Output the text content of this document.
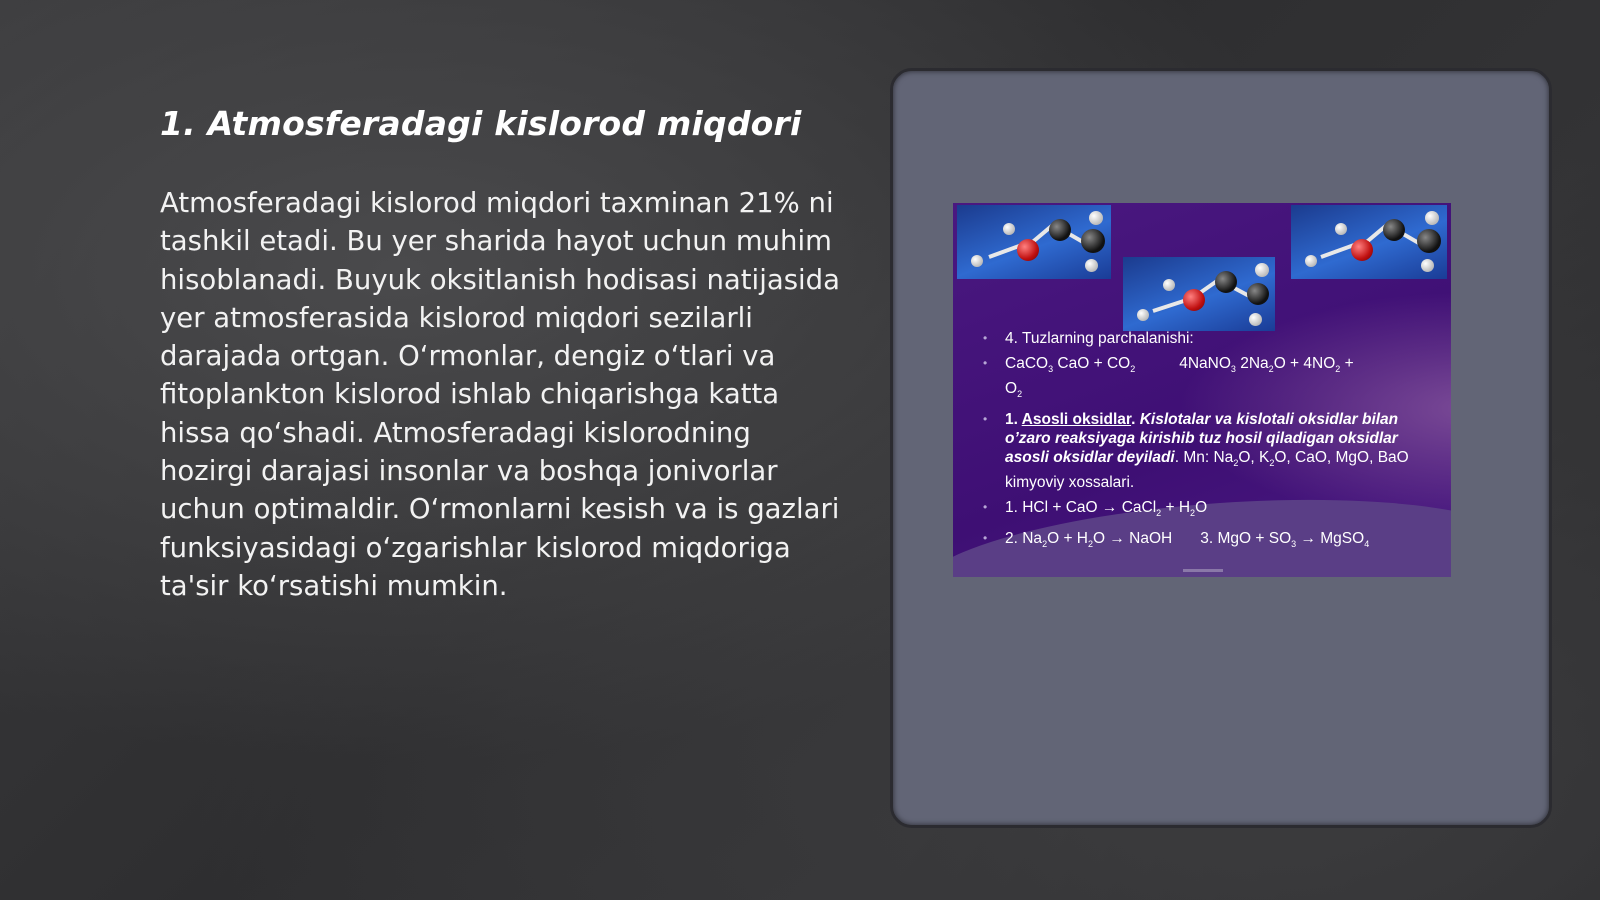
1. Atmosferadagi kislorod miqdori

Atmosferadagi kislorod miqdori taxminan 21% ni tashkil etadi. Bu yer sharida hayot uchun muhim hisoblanadi. Buyuk oksitlanish hodisasi natijasida yer atmosferasida kislorod miqdori sezilarli darajada ortgan. O‘rmonlar, dengiz o‘tlari va fitoplankton kislorod ishlab chiqarishga katta hissa qo‘shadi. Atmosferadagi kislorodning hozirgi darajasi insonlar va boshqa jonivorlar uchun optimaldir. O‘rmonlarni kesish va is gazlari funksiyasidagi o‘zgarishlar kislorod miqdoriga ta'sir ko‘rsatishi mumkin.

• 4. Tuzlarning parchalanishi:
• CaCO$_3$ CaO + $CO_2$	4NaNO$_3$ $2Na_2O + 4NO_2$ +
$O_2$
• 1. Asosli oksidlar. Kislotalar va kislotali oksidlar bilan o’zaro reaksiyaga kirishib tuz hosil qiladigan oksidlar asosli oksidlar deyiladi. Mn: $Na_2O$, $K_2O$, CaO, MgO, BaO kimyoviy xossalari.
• 1. HCl + CaO → CaCl$_2$ + $H_2O$
• 2. $Na_2O + H_2O$ → NaOH 3. MgO + $SO_3$ → MgSO$_4$
